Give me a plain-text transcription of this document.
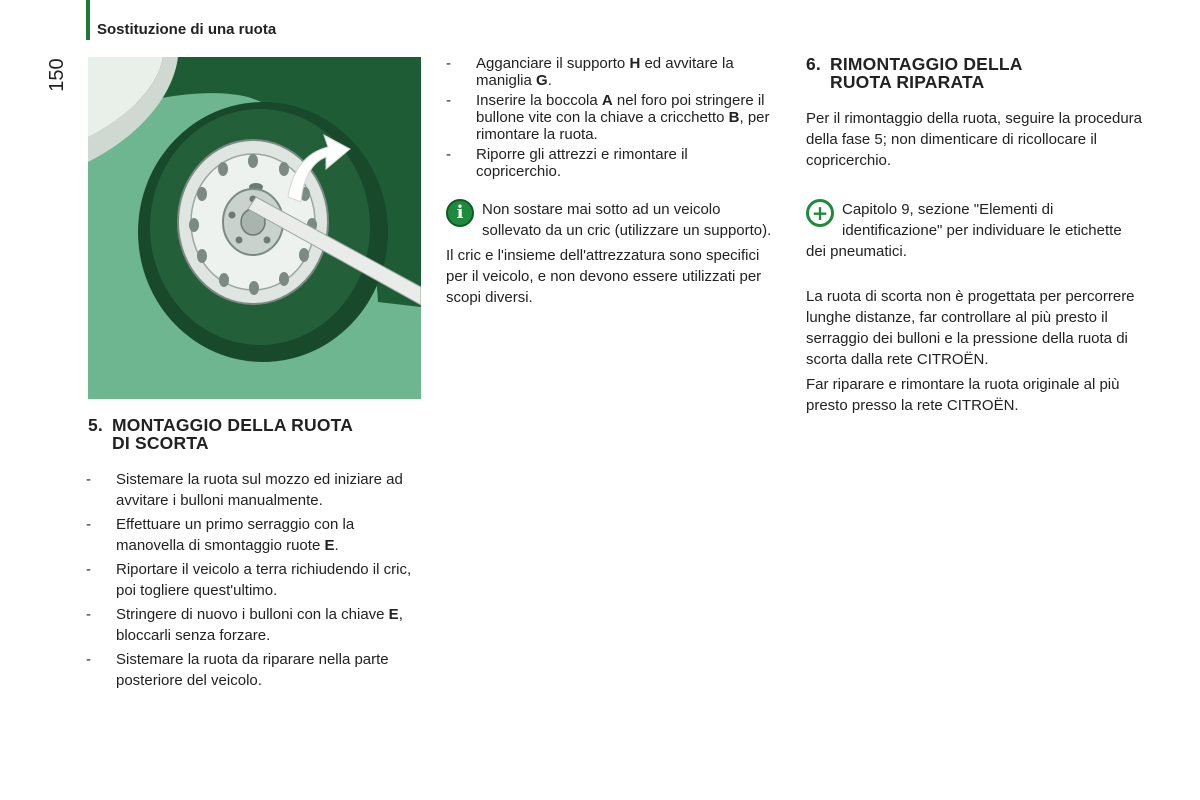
Sostituzione di una ruota
150
5. MONTAGGIO DELLA RUOTA
DI SCORTA
- Sistemare la ruota sul mozzo ed iniziare ad avvitare i bulloni manualmente.
- Effettuare un primo serraggio con la manovella di smontaggio ruote E.
- Riportare il veicolo a terra richiudendo il cric, poi togliere quest'ultimo.
- Stringere di nuovo i bulloni con la chiave E, bloccarli senza forzare.
- Sistemare la ruota da riparare nella parte posteriore del veicolo.
- Agganciare il supporto H ed avvitare la maniglia G.
- Inserire la boccola A nel foro poi stringere il bullone vite con la chiave a cricchetto B, per rimontare la ruota.
- Riporre gli attrezzi e rimontare il copricerchio.

i	Non sostare mai sotto ad un veicolo sollevato da un cric (utilizzare un supporto).

Il cric e l'insieme dell'attrezzatura sono specifici per il veicolo, e non devono essere utilizzati per scopi diversi.

6. RIMONTAGGIO DELLA
RUOTA RIPARATA

Per il rimontaggio della ruota, seguire la procedura della fase 5; non dimenticare di ricollocare il copricerchio.

+ Capitolo 9, sezione "Elementi di identificazione" per individuare le etichette dei pneumatici.

La ruota di scorta non è progettata per percorrere lunghe distanze, far controllare al più presto il serraggio dei bulloni e la pressione della ruota di scorta dalla rete CITROËN.

Far riparare e rimontare la ruota originale al più presto presso la rete CITROËN.
